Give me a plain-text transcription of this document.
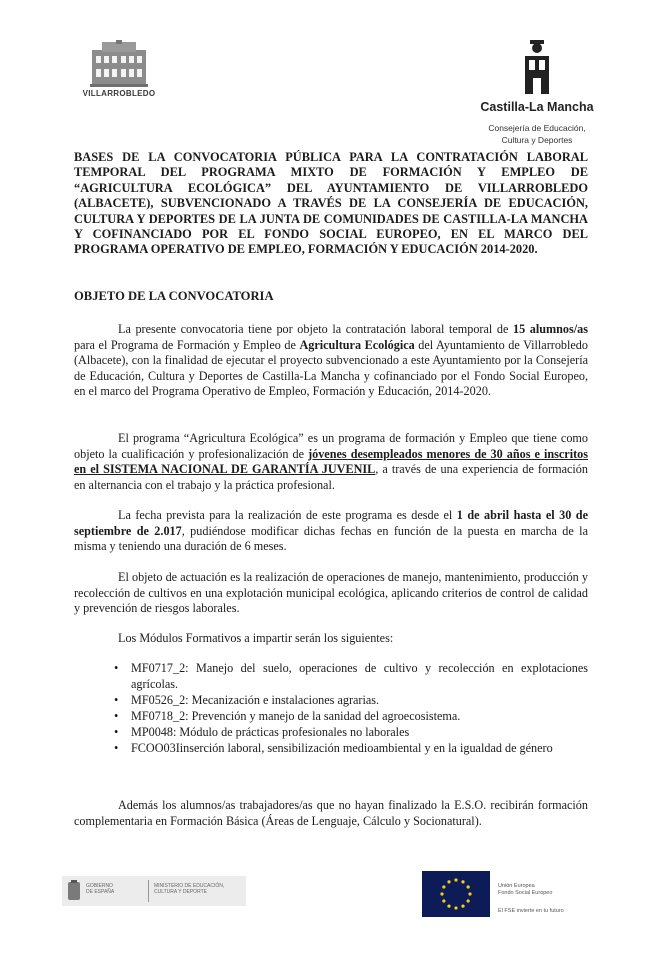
VILLARROBLEDO

Castilla-La Mancha
Consejería de Educación,
Cultura y Deportes

BASES DE LA CONVOCATORIA PÚBLICA PARA LA CONTRATACIÓN LABORAL TEMPORAL DEL PROGRAMA MIXTO DE FORMACIÓN Y EMPLEO DE “AGRICULTURA ECOLÓGICA” DEL AYUNTAMIENTO DE VILLARROBLEDO (ALBACETE), SUBVENCIONADO A TRAVÉS DE LA CONSEJERÍA DE EDUCACIÓN, CULTURA Y DEPORTES DE LA JUNTA DE COMUNIDADES DE CASTILLA-LA MANCHA Y COFINANCIADO POR EL FONDO SOCIAL EUROPEO, EN EL MARCO DEL PROGRAMA OPERATIVO DE EMPLEO, FORMACIÓN Y EDUCACIÓN 2014-2020.

OBJETO DE LA CONVOCATORIA

La presente convocatoria tiene por objeto la contratación laboral temporal de 15 alumnos/as para el Programa de Formación y Empleo de Agricultura Ecológica del Ayuntamiento de Villarrobledo (Albacete), con la finalidad de ejecutar el proyecto subvencionado a este Ayuntamiento por la Consejería de Educación, Cultura y Deportes de Castilla-La Mancha y cofinanciado por el Fondo Social Europeo, en el marco del Programa Operativo de Empleo, Formación y Educación, 2014-2020.

El programa “Agricultura Ecológica” es un programa de formación y Empleo que tiene como objeto la cualificación y profesionalización de jóvenes desempleados menores de 30 años e inscritos en el SISTEMA NACIONAL DE GARANTÍA JUVENIL, a través de una experiencia de formación en alternancia con el trabajo y la práctica profesional.

La fecha prevista para la realización de este programa es desde el 1 de abril hasta el 30 de septiembre de 2.017, pudiéndose modificar dichas fechas en función de la puesta en marcha de la misma y teniendo una duración de 6 meses.

El objeto de actuación es la realización de operaciones de manejo, mantenimiento, producción y recolección de cultivos en una explotación municipal ecológica, aplicando criterios de control de calidad y prevención de riesgos laborales.

Los Módulos Formativos a impartir serán los siguientes:

• MF0717_2: Manejo del suelo, operaciones de cultivo y recolección en explotaciones agrícolas.
• MF0526_2: Mecanización e instalaciones agrarias.
• MF0718_2: Prevención y manejo de la sanidad del agroecosistema.
• MP0048: Módulo de prácticas profesionales no laborales
• FCOO03Iinserción laboral, sensibilización medioambiental y en la igualdad de género

Además los alumnos/as trabajadores/as que no hayan finalizado la E.S.O. recibirán formación complementaria en Formación Básica (Áreas de Lenguaje, Cálculo y Socionatural).

GOBIERNO DE ESPAÑA
MINISTERIO DE EDUCACIÓN, CULTURA Y DEPORTE
Unión Europea
Fondo Social Europeo
El FSE invierte en tu futuro
